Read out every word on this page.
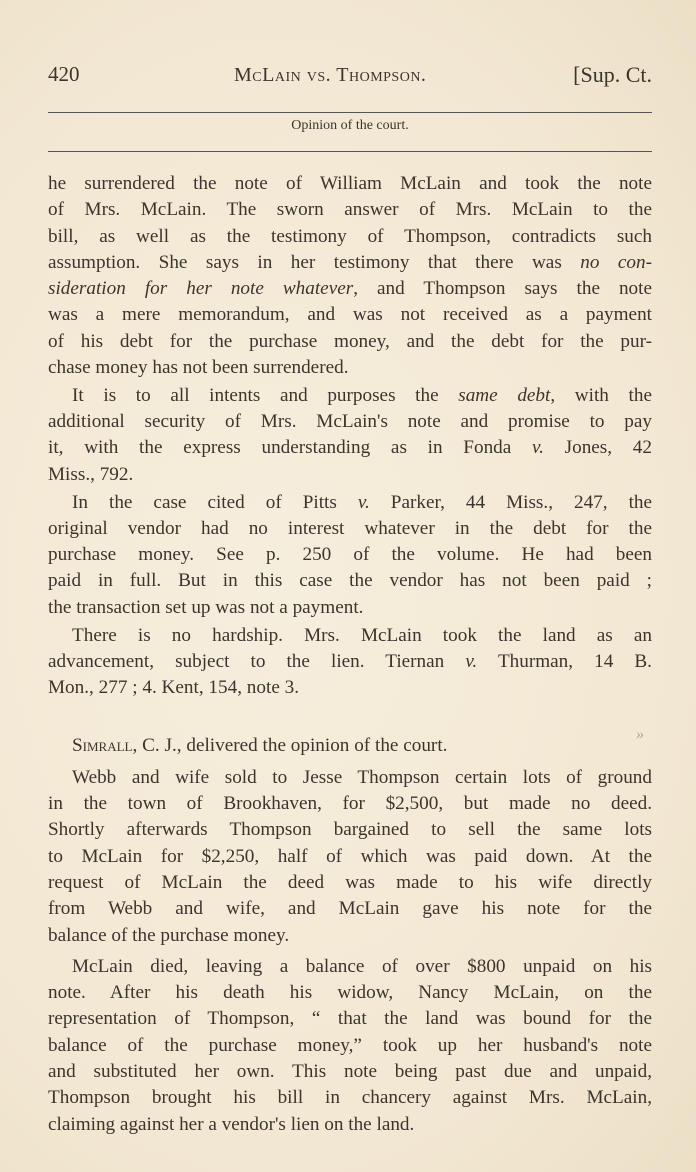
420	McLain vs. Thompson.	[Sup. Ct.
Opinion of the court.
he surrendered the note of William McLain and took the note
of Mrs. McLain. The sworn answer of Mrs. McLain to the
bill, as well as the testimony of Thompson, contradicts such
assumption. She says in her testimony that there was no con-
sideration for her note whatever, and Thompson says the note
was a mere memorandum, and was not received as a payment
of his debt for the purchase money, and the debt for the pur-
chase money has not been surrendered.
It is to all intents and purposes the same debt, with the
additional security of Mrs. McLain's note and promise to pay
it, with the express understanding as in Fonda v. Jones, 42
Miss., 792.
In the case cited of Pitts v. Parker, 44 Miss., 247, the
original vendor had no interest whatever in the debt for the
purchase money. See p. 250 of the volume. He had been
paid in full. But in this case the vendor has not been paid ;
the transaction set up was not a payment.
There is no hardship. Mrs. McLain took the land as an
advancement, subject to the lien. Tiernan v. Thurman, 14 B.
Mon., 277 ; 4. Kent, 154, note 3.
Simrall, C. J., delivered the opinion of the court.
Webb and wife sold to Jesse Thompson certain lots of ground
in the town of Brookhaven, for $2,500, but made no deed.
Shortly afterwards Thompson bargained to sell the same lots
to McLain for $2,250, half of which was paid down. At the
request of McLain the deed was made to his wife directly
from Webb and wife, and McLain gave his note for the
balance of the purchase money.
McLain died, leaving a balance of over $800 unpaid on his
note. After his death his widow, Nancy McLain, on the
representation of Thompson, “ that the land was bound for the
balance of the purchase money,” took up her husband's note
and substituted her own. This note being past due and unpaid,
Thompson brought his bill in chancery against Mrs. McLain,
claiming against her a vendor's lien on the land.
»
